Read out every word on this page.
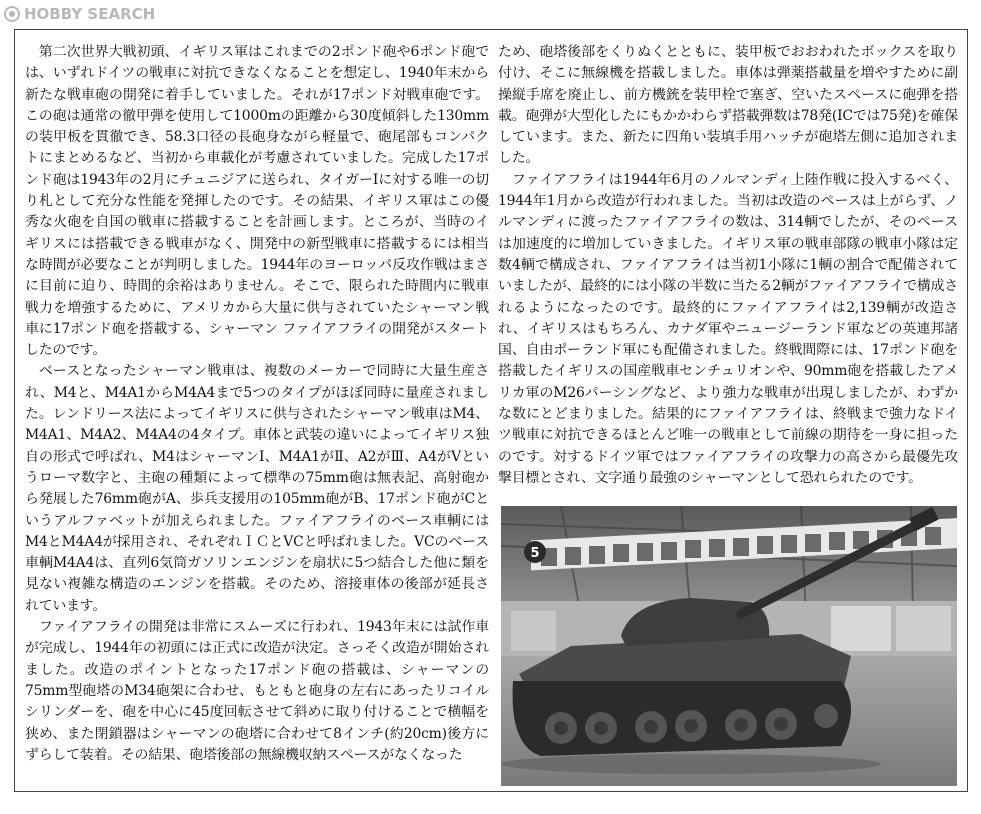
HOBBY SEARCH

第二次世界大戦初頭、イギリス軍はこれまでの2ポンド砲や6ポンド砲では、いずれドイツの戦車に対抗できなくなることを想定し、1940年末から新たな戦車砲の開発に着手していました。それが17ポンド対戦車砲です。この砲は通常の徹甲弾を使用して1000mの距離から30度傾斜した130mmの装甲板を貫徹でき、58.3口径の長砲身ながら軽量で、砲尾部もコンパクトにまとめるなど、当初から車載化が考慮されていました。完成した17ポンド砲は1943年の2月にチュニジアに送られ、タイガーⅠに対する唯一の切り札として充分な性能を発揮したのです。その結果、イギリス軍はこの優秀な火砲を自国の戦車に搭載することを計画します。ところが、当時のイギリスには搭載できる戦車がなく、開発中の新型戦車に搭載するには相当な時間が必要なことが判明しました。1944年のヨーロッパ反攻作戦はまさに目前に迫り、時間的余裕はありません。そこで、限られた時間内に戦車戦力を増強するために、アメリカから大量に供与されていたシャーマン戦車に17ポンド砲を搭載する、シャーマン ファイアフライの開発がスタートしたのです。

ベースとなったシャーマン戦車は、複数のメーカーで同時に大量生産され、M4と、M4A1からM4A4まで5つのタイプがほぼ同時に量産されました。レンドリース法によってイギリスに供与されたシャーマン戦車はM4、M4A1、M4A2、M4A4の4タイプ。車体と武装の違いによってイギリス独自の形式で呼ばれ、M4はシャーマンⅠ、M4A1がⅡ、A2がⅢ、A4がVというローマ数字と、主砲の種類によって標準の75mm砲は無表記、高射砲から発展した76mm砲がA、歩兵支援用の105mm砲がB、17ポンド砲がCというアルファベットが加えられました。ファイアフライのベース車輌にはM4とM4A4が採用され、それぞれＩＣとVCと呼ばれました。VCのベース車輌M4A4は、直列6気筒ガソリンエンジンを扇状に5つ結合した他に類を見ない複雑な構造のエンジンを搭載。そのため、溶接車体の後部が延長されています。

ファイアフライの開発は非常にスムーズに行われ、1943年末には試作車が完成し、1944年の初頭には正式に改造が決定。さっそく改造が開始されました。改造のポイントとなった17ポンド砲の搭載は、シャーマンの75mm型砲塔のM34砲架に合わせ、もともと砲身の左右にあったリコイルシリンダーを、砲を中心に45度回転させて斜めに取り付けることで横幅を狭め、また閉鎖器はシャーマンの砲塔に合わせて8インチ(約20cm)後方にずらして装着。その結果、砲塔後部の無線機収納スペースがなくなった

ため、砲塔後部をくりぬくとともに、装甲板でおおわれたボックスを取り付け、そこに無線機を搭載しました。車体は弾薬搭載量を増やすために副操縦手席を廃止し、前方機銃を装甲栓で塞ぎ、空いたスペースに砲弾を搭載。砲弾が大型化したにもかかわらず搭載弾数は78発(ICでは75発)を確保しています。また、新たに四角い装填手用ハッチが砲塔左側に追加されました。

ファイアフライは1944年6月のノルマンディ上陸作戦に投入するべく、1944年1月から改造が行われました。当初は改造のペースは上がらず、ノルマンディに渡ったファイアフライの数は、314輌でしたが、そのペースは加速度的に増加していきました。イギリス軍の戦車部隊の戦車小隊は定数4輌で構成され、ファイアフライは当初1小隊に1輌の割合で配備されていましたが、最終的には小隊の半数に当たる2輌がファイアフライで構成されるようになったのです。最終的にファイアフライは2,139輌が改造され、イギリスはもちろん、カナダ軍やニュージーランド軍などの英連邦諸国、自由ポーランド軍にも配備されました。終戦間際には、17ポンド砲を搭載したイギリスの国産戦車センチュリオンや、90mm砲を搭載したアメリカ軍のM26パーシングなど、より強力な戦車が出現しましたが、わずかな数にとどまりました。結果的にファイアフライは、終戦まで強力なドイツ戦車に対抗できるほとんど唯一の戦車として前線の期待を一身に担ったのです。対するドイツ軍ではファイアフライの攻撃力の高さから最優先攻撃目標とされ、文字通り最強のシャーマンとして恐れられたのです。

5
